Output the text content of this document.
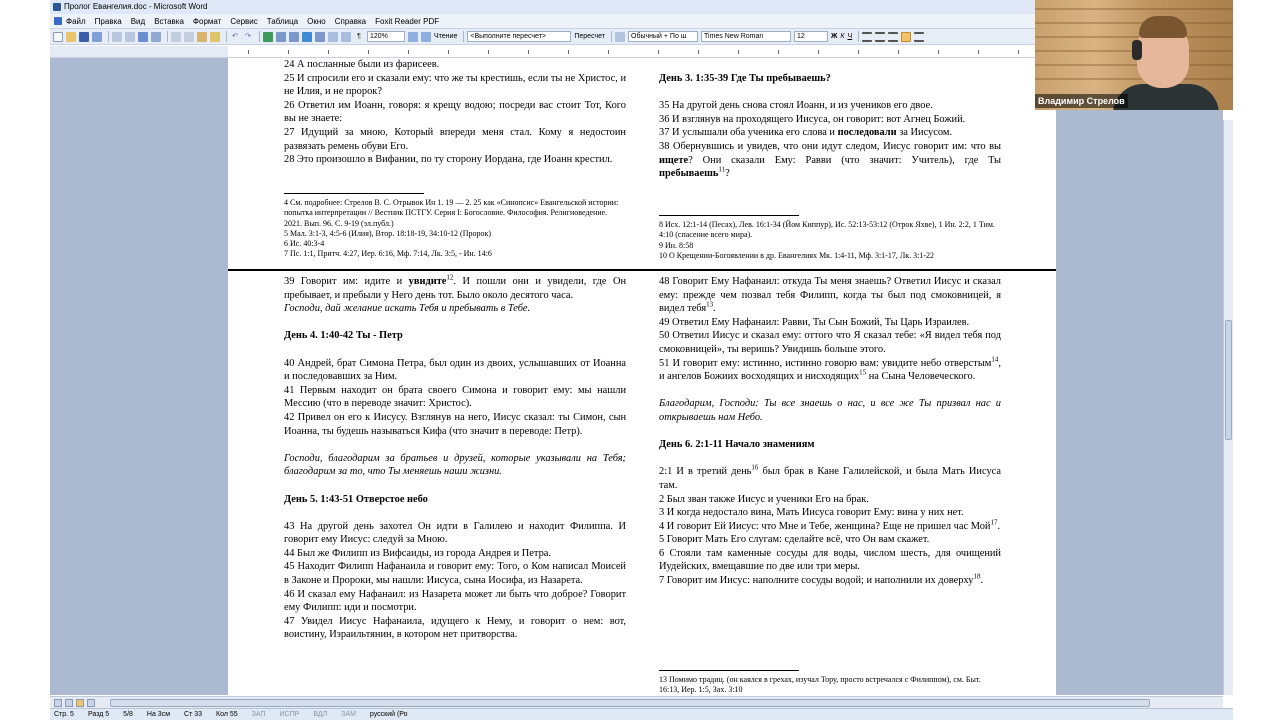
Пролог Евангелия.doc - Microsoft Word
Файл Правка Вид Вставка Формат Сервис Таблица Окно Справка Foxit Reader PDF
↶ ↷	¶	120%	Чтение	<Выполните пересчет>	Пересчет	Обычный + По ш	Times New Roman	12	Ж К Ч

24 А посланные были из фарисеев.

25 И спросили его и сказали ему: что же ты крестишь, если ты не Христос, и не Илия, и не пророк?

26 Ответил им Иоанн, говоря: я крещу водою; посреди вас стоит Тот, Кого вы не знаете:

27 Идущий за мною, Который впереди меня стал. Кому я недостоин развязать ремень обуви Его.

28 Это произошло в Вифании, по ту сторону Иордана, где Иоанн крестил.

4 См. подробнее: Стрелов В. С. Отрывок Ин 1. 19 — 2. 25 как «Синопсис» Евангельской истории: попытка интерпретации // Вестник ПСТГУ. Серия I: Богословие. Философия. Религиоведение. 2021. Вып. 96. С. 9-19 (эл.публ.)

5 Мал. 3:1-3, 4:5-6 (Илия), Втор. 18:18-19, 34:10-12 (Пророк)

6 Ис. 40:3-4

7 Пс. 1:1, Притч. 4:27, Иер. 6:16, Мф. 7:14, Лк. 3:5, - Ин. 14:6

День 3. 1:35-39 Где Ты пребываешь?

35 На другой день снова стоял Иоанн, и из учеников его двое.

36 И взглянув на проходящего Иисуса, он говорит: вот Агнец Божий.

37 И услышали оба ученика его слова и последовали за Иисусом.

38 Обернувшись и увидев, что они идут следом, Иисус говорит им: что вы ищете? Они сказали Ему: Равви (что значит: Учитель), где Ты пребываешь$^{11}$?

8 Исх. 12:1-14 (Песах), Лев. 16:1-34 (Йом Киппур), Ис. 52:13-53:12 (Отрок Яхве), 1 Ин. 2:2, 1 Тим. 4:10 (спасение всего мира).

9 Ин. 8:58

10 О Крещении-Богоявлении в др. Евангелиях Мк. 1:4-11, Мф. 3:1-17, Лк. 3:1-22

39 Говорит им: идите и увидите$^{12}$. И пошли они и увидели, где Он пребывает, и пребыли у Него день тот. Было около десятого часа.

Господи, дай желание искать Тебя и пребывать в Тебе.

День 4. 1:40-42 Ты - Петр

40 Андрей, брат Симона Петра, был один из двоих, услышавших от Иоанна и последовавших за Ним.

41 Первым находит он брата своего Симона и говорит ему: мы нашли Мессию (что в переводе значит: Христос).

42 Привел он его к Иисусу. Взглянув на него, Иисус сказал: ты Симон, сын Иоанна, ты будешь называться Кифа (что значит в переводе: Петр).

Господи, благодарим за братьев и друзей, которые указывали на Тебя; благодарим за то, что Ты меняешь наши жизни.

День 5. 1:43-51 Отверстое небо

43 На другой день захотел Он идти в Галилею и находит Филиппа. И говорит ему Иисус: следуй за Мною.

44 Был же Филипп из Вифсаиды, из города Андрея и Петра.

45 Находит Филипп Нафанаила и говорит ему: Того, о Ком написал Моисей в Законе и Пророки, мы нашли: Иисуса, сына Иосифа, из Назарета.

46 И сказал ему Нафанаил: из Назарета может ли быть что доброе? Говорит ему Филипп: иди и посмотри.

47 Увидел Иисус Нафанаила, идущего к Нему, и говорит о нем: вот, воистину, Израильтянин, в котором нет притворства.

48 Говорит Ему Нафанаил: откуда Ты меня знаешь? Ответил Иисус и сказал ему: прежде чем позвал тебя Филипп, когда ты был под смоковницей, я видел тебя$^{13}$.

49 Ответил Ему Нафанаил: Равви, Ты Сын Божий, Ты Царь Израилев.

50 Ответил Иисус и сказал ему: оттого что Я сказал тебе: «Я видел тебя под смоковницей», ты веришь? Увидишь больше этого.

51 И говорит ему: истинно, истинно говорю вам: увидите небо отверстым$^{14}$, и ангелов Божиих восходящих и нисходящих$^{15}$ на Сына Человеческого.

Благодарим, Господи: Ты все знаешь о нас, и все же Ты призвал нас и открываешь нам Небо.

День 6. 2:1-11 Начало знамениям

2:1 И в третий день$^{16}$ был брак в Кане Галилейской, и была Мать Иисуса там.

2 Был зван также Иисус и ученики Его на брак.

3 И когда недостало вина, Мать Иисуса говорит Ему: вина у них нет.

4 И говорит Ей Иисус: что Мне и Тебе, женщина? Еще не пришел час Мой$^{17}$.

5 Говорит Мать Его слугам: сделайте всё, что Он вам скажет.

6 Стояли там каменные сосуды для воды, числом шесть, для очищений Иудейских, вмещавшие по две или три меры.

7 Говорит им Иисус: наполните сосуды водой; и наполнили их доверху$^{18}$.

13 Помимо традиц. (он каялся в грехах, изучал Тору, просто встречался с Филиппом), см. Быт. 16:13, Иер. 1:5, Зах. 3:10

Стр. 5 Разд 5 5/8 На 3см Ст 33 Кол 55 ЗАП ИСПР ВДЛ ЗАМ русский (Ро
Владимир Стрелов
